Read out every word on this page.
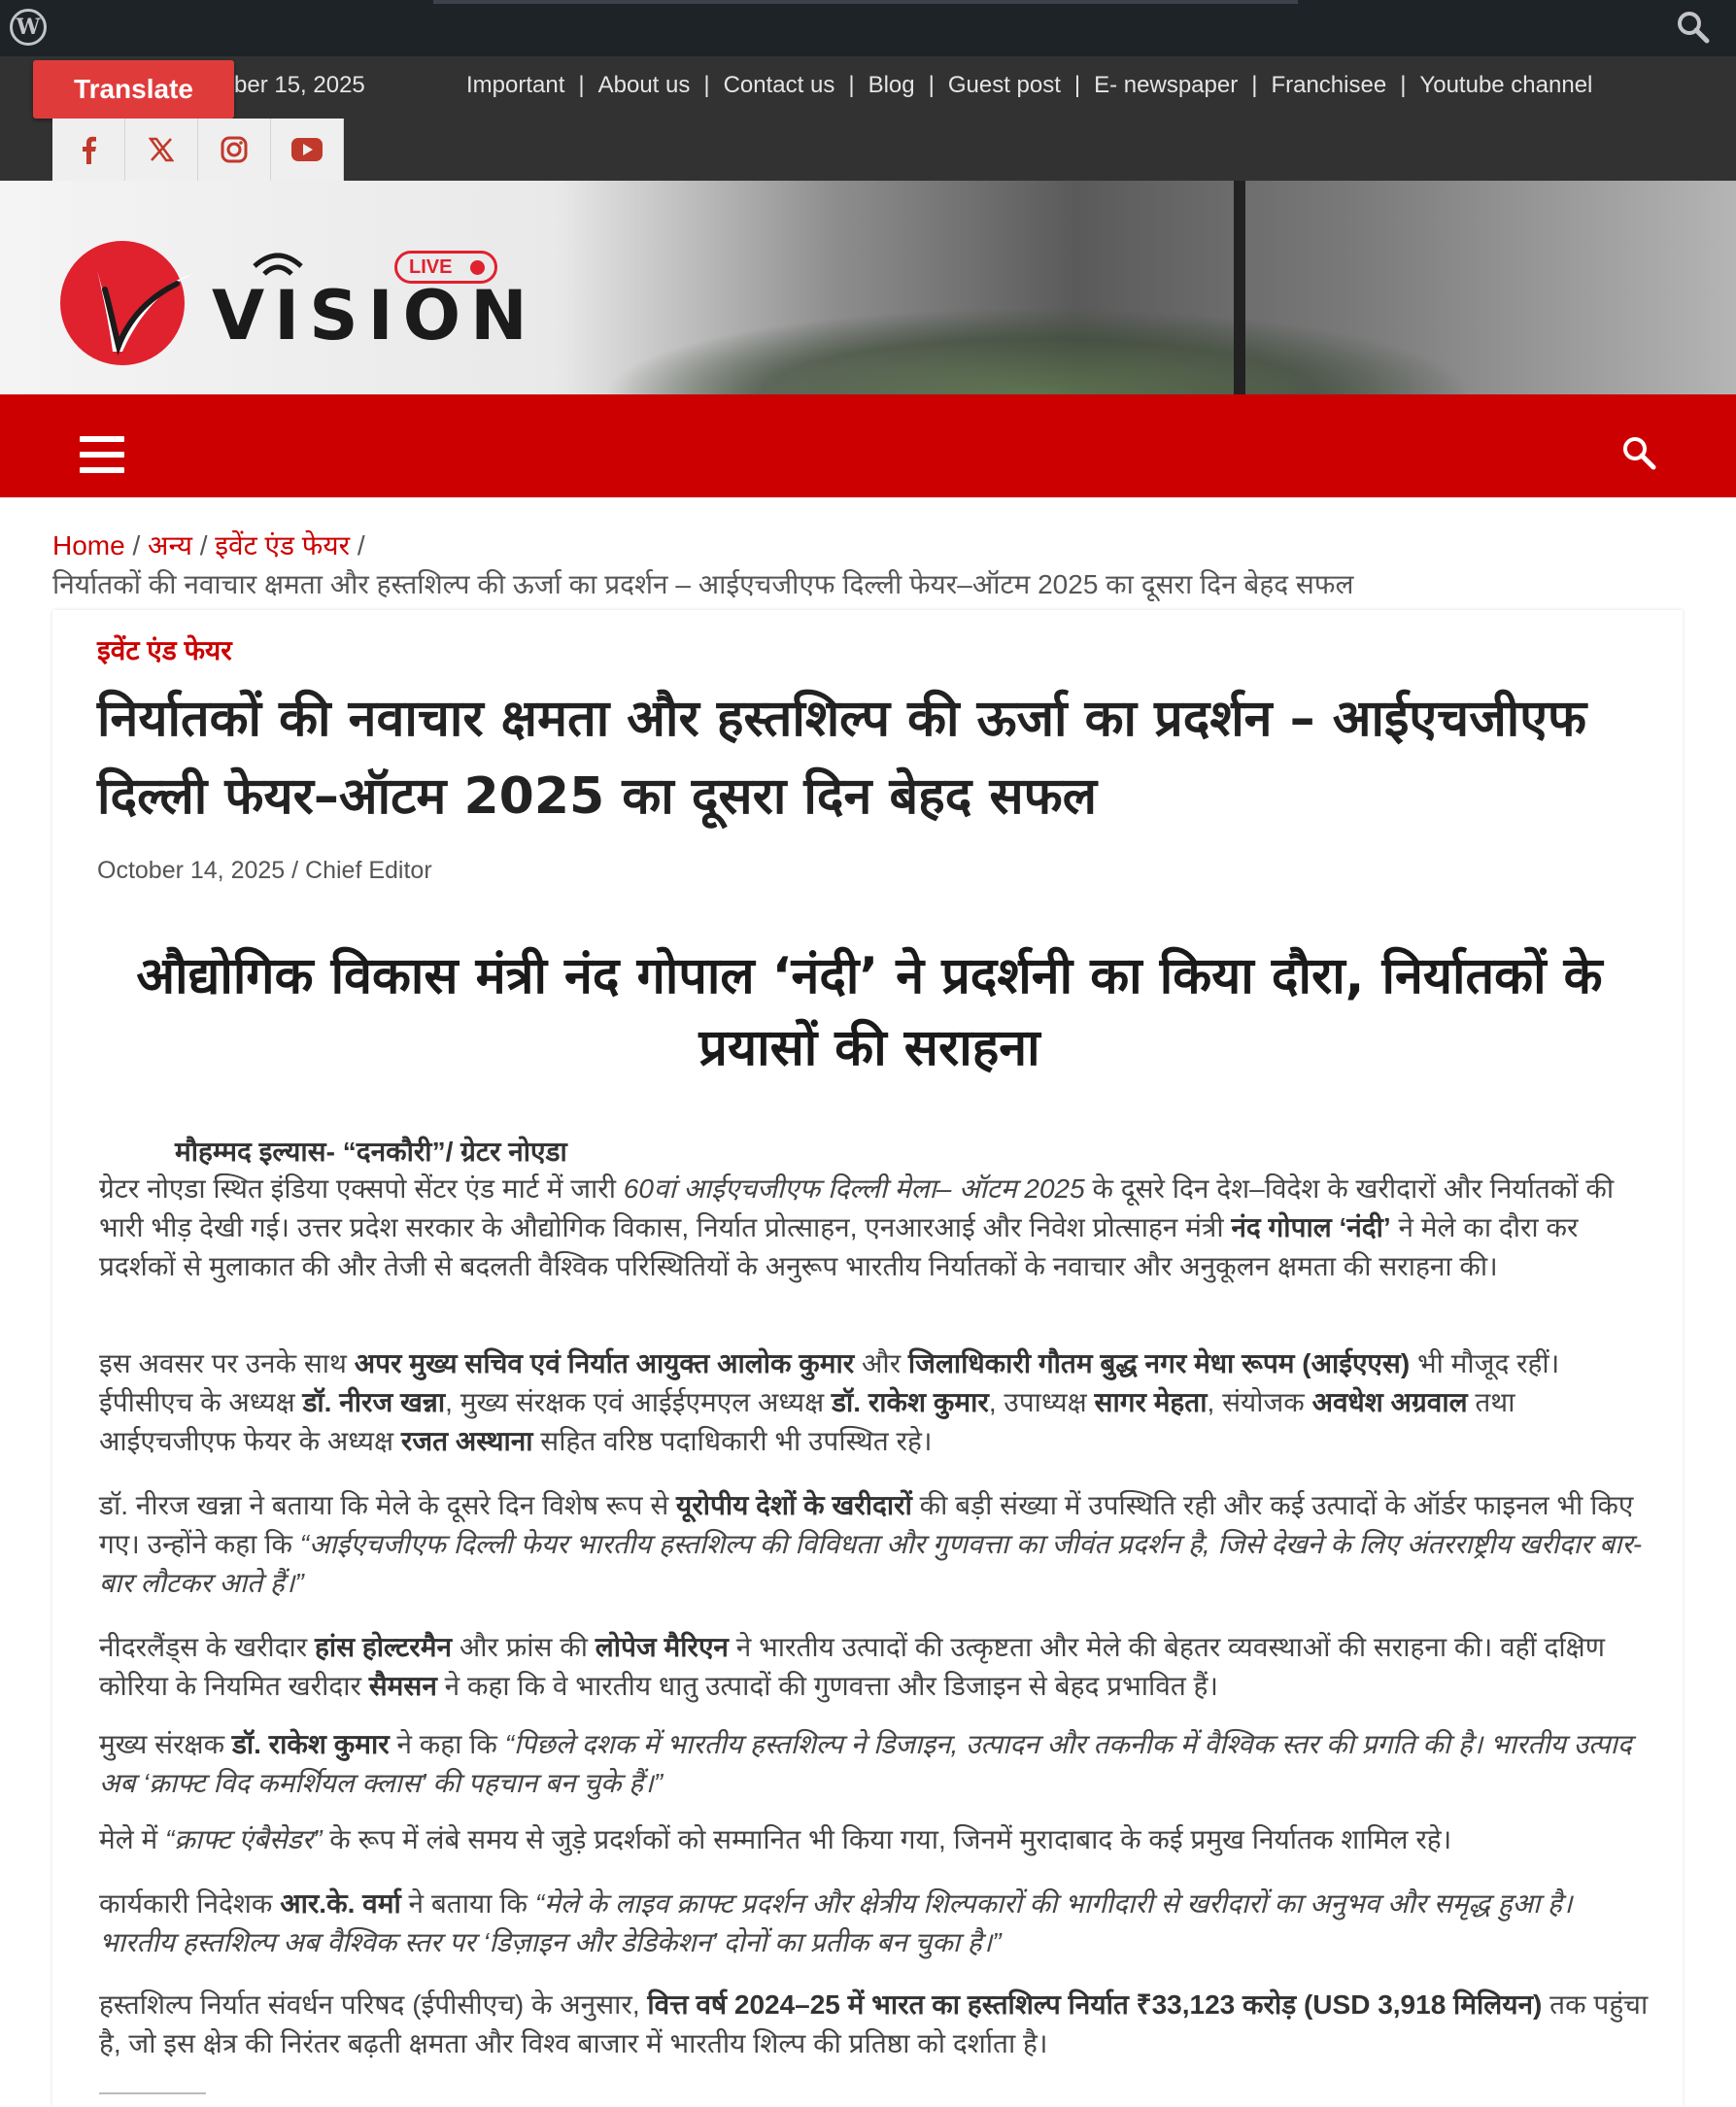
W
ber 15, 2025
Translate	Important | About us | Contact us | Blog | Guest post | E- newspaper | Franchisee | Youtube channel
VISION
LIVE
Home / अन्य / इवेंट एंड फेयर /
निर्यातकों की नवाचार क्षमता और हस्तशिल्प की ऊर्जा का प्रदर्शन – आईएचजीएफ दिल्ली फेयर–ऑटम 2025 का दूसरा दिन बेहद सफल
इवेंट एंड फेयर
निर्यातकों की नवाचार क्षमता और हस्तशिल्प की ऊर्जा का प्रदर्शन – आईएचजीएफ दिल्ली फेयर–ऑटम 2025 का दूसरा दिन बेहद सफल
October 14, 2025 / Chief Editor
औद्योगिक विकास मंत्री नंद गोपाल ‘नंदी’ ने प्रदर्शनी का किया दौरा, निर्यातकों के प्रयासों की सराहना
मौहम्मद इल्यास- “दनकौरी”/ ग्रेटर नोएडा
ग्रेटर नोएडा स्थित इंडिया एक्सपो सेंटर एंड मार्ट में जारी 60वां आईएचजीएफ दिल्ली मेला– ऑटम 2025 के दूसरे दिन देश–विदेश के खरीदारों और निर्यातकों की भारी भीड़ देखी गई। उत्तर प्रदेश सरकार के औद्योगिक विकास, निर्यात प्रोत्साहन, एनआरआई और निवेश प्रोत्साहन मंत्री नंद गोपाल ‘नंदी’ ने मेले का दौरा कर प्रदर्शकों से मुलाकात की और तेजी से बदलती वैश्विक परिस्थितियों के अनुरूप भारतीय निर्यातकों के नवाचार और अनुकूलन क्षमता की सराहना की।
इस अवसर पर उनके साथ अपर मुख्य सचिव एवं निर्यात आयुक्त आलोक कुमार और जिलाधिकारी गौतम बुद्ध नगर मेधा रूपम (आईएएस) भी मौजूद रहीं। ईपीसीएच के अध्यक्ष डॉ. नीरज खन्ना, मुख्य संरक्षक एवं आईईएमएल अध्यक्ष डॉ. राकेश कुमार, उपाध्यक्ष सागर मेहता, संयोजक अवधेश अग्रवाल तथा आईएचजीएफ फेयर के अध्यक्ष रजत अस्थाना सहित वरिष्ठ पदाधिकारी भी उपस्थित रहे।
डॉ. नीरज खन्ना ने बताया कि मेले के दूसरे दिन विशेष रूप से यूरोपीय देशों के खरीदारों की बड़ी संख्या में उपस्थिति रही और कई उत्पादों के ऑर्डर फाइनल भी किए गए। उन्होंने कहा कि “आईएचजीएफ दिल्ली फेयर भारतीय हस्तशिल्प की विविधता और गुणवत्ता का जीवंत प्रदर्शन है, जिसे देखने के लिए अंतरराष्ट्रीय खरीदार बार-बार लौटकर आते हैं।”
नीदरलैंड्स के खरीदार हांस होल्टरमैन और फ्रांस की लोपेज मैरिएन ने भारतीय उत्पादों की उत्कृष्टता और मेले की बेहतर व्यवस्थाओं की सराहना की। वहीं दक्षिण कोरिया के नियमित खरीदार सैमसन ने कहा कि वे भारतीय धातु उत्पादों की गुणवत्ता और डिजाइन से बेहद प्रभावित हैं।
मुख्य संरक्षक डॉ. राकेश कुमार ने कहा कि “पिछले दशक में भारतीय हस्तशिल्प ने डिजाइन, उत्पादन और तकनीक में वैश्विक स्तर की प्रगति की है। भारतीय उत्पाद अब ‘क्राफ्ट विद कमर्शियल क्लास’ की पहचान बन चुके हैं।”
मेले में “क्राफ्ट एंबैसेडर” के रूप में लंबे समय से जुड़े प्रदर्शकों को सम्मानित भी किया गया, जिनमें मुरादाबाद के कई प्रमुख निर्यातक शामिल रहे।
कार्यकारी निदेशक आर.के. वर्मा ने बताया कि “मेले के लाइव क्राफ्ट प्रदर्शन और क्षेत्रीय शिल्पकारों की भागीदारी से खरीदारों का अनुभव और समृद्ध हुआ है। भारतीय हस्तशिल्प अब वैश्विक स्तर पर ‘डिज़ाइन और डेडिकेशन’ दोनों का प्रतीक बन चुका है।”
हस्तशिल्प निर्यात संवर्धन परिषद (ईपीसीएच) के अनुसार, वित्त वर्ष 2024–25 में भारत का हस्तशिल्प निर्यात ₹33,123 करोड़ (USD 3,918 मिलियन) तक पहुंचा है, जो इस क्षेत्र की निरंतर बढ़ती क्षमता और विश्व बाजार में भारतीय शिल्प की प्रतिष्ठा को दर्शाता है।
